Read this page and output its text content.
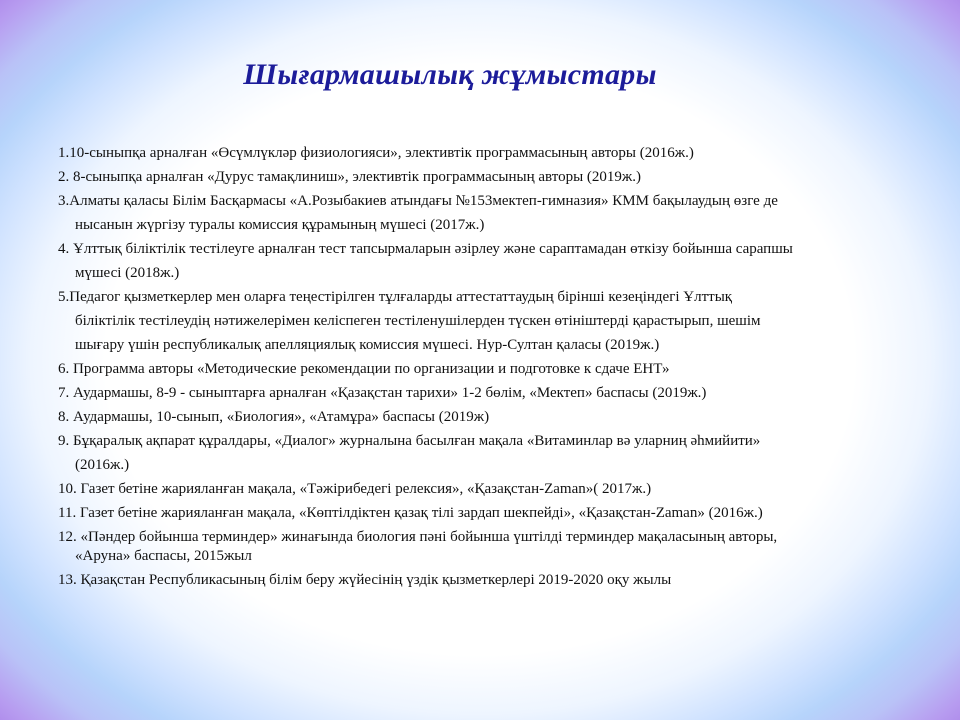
Шығармашылық жұмыстары
1.10-сыныпқа арналған «Өсүмлүкләр физиологияси», элективтік программасының авторы (2016ж.)
2. 8-сыныпқа арналған «Дурус тамақлиниш», элективтік программасының авторы (2019ж.)
3.Алматы қаласы Білім Басқармасы «А.Розыбакиев атындағы №153мектеп-гимназия» КММ бақылаудың өзге де
нысанын жүргізу туралы комиссия құрамының мүшесі (2017ж.)
4. Ұлттық біліктілік тестілеуге арналған тест тапсырмаларын әзірлеу және сараптамадан өткізу бойынша сарапшы
мүшесі (2018ж.)
5.Педагог қызметкерлер мен оларға теңестірілген тұлғаларды аттестаттаудың бірінші кезеңіндегі Ұлттық
біліктілік тестілеудің нәтижелерімен келіспеген тестіленушілерден түскен өтініштерді қарастырып, шешім
шығару үшін республикалық апелляциялық комиссия мүшесі. Нур-Султан қаласы (2019ж.)
6. Программа авторы «Методические рекомендации по организации и подготовке к сдаче ЕНТ»
7. Аудармашы, 8-9 - сыныптарға арналған «Қазақстан тарихи» 1-2 бөлім, «Мектеп» баспасы (2019ж.)
8. Аудармашы, 10-сынып, «Биология», «Атамұра» баспасы (2019ж)
9. Бұқаралық ақпарат құралдары, «Диалог» журналына басылған мақала «Витаминлар вә уларниң әһмийити»
(2016ж.)
10. Газет бетіне жарияланған мақала, «Тәжірибедегі релексия», «Қазақстан-Zaman»( 2017ж.)
11. Газет бетіне жарияланған мақала, «Көптілдіктен қазақ тілі зардап шекпейді», «Қазақстан-Zaman» (2016ж.)
12. «Пәндер бойынша терминдер» жинағында биология пәні бойынша үштілді терминдер мақаласының авторы,
«Аруна» баспасы, 2015жыл
13. Қазақстан Республикасының білім беру жүйесінің үздік қызметкерлері 2019-2020 оқу жылы
